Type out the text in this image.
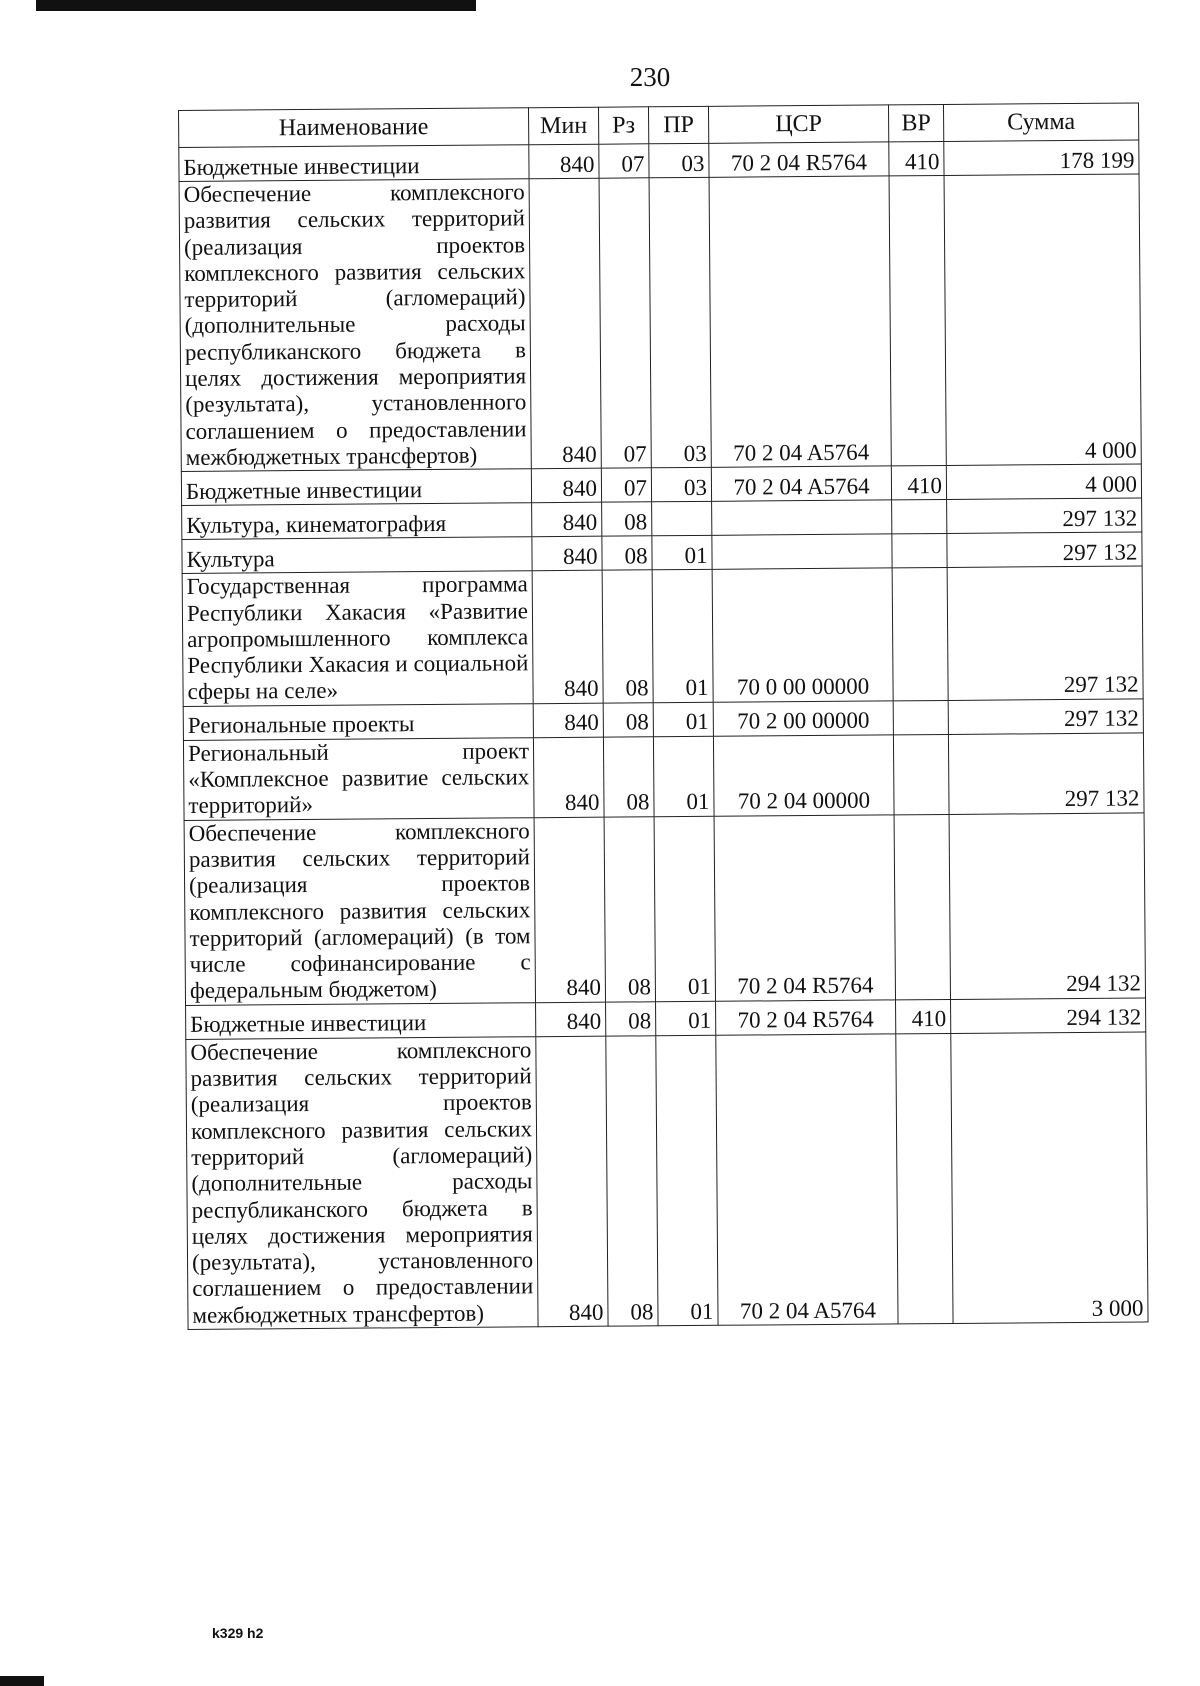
230
Наименование	Мин	Рз	ПР	ЦСР	ВР	Сумма
Бюджетные инвестиции	840	07	03	70 2 04 R5764	410	178 199
Обеспечение комплексного развития сельских территорий (реализация проектов комплексного развития сельских территорий (агломераций) (дополнительные расходы республиканского бюджета в целях достижения мероприятия (результата), установленного соглашением о предоставлении межбюджетных трансфертов)	840	07	03	70 2 04 A5764		4 000
Бюджетные инвестиции	840	07	03	70 2 04 A5764	410	4 000
Культура, кинематография	840	08				297 132
Культура	840	08	01			297 132
Государственная программа Республики Хакасия «Развитие агропромышленного комплекса Республики Хакасия и социальной сферы на селе»	840	08	01	70 0 00 00000		297 132
Региональные проекты	840	08	01	70 2 00 00000		297 132
Региональный проект «Комплексное развитие сельских территорий»	840	08	01	70 2 04 00000		297 132
Обеспечение комплексного развития сельских территорий (реализация проектов комплексного развития сельских территорий (агломераций) (в том числе софинансирование с федеральным бюджетом)	840	08	01	70 2 04 R5764		294 132
Бюджетные инвестиции	840	08	01	70 2 04 R5764	410	294 132
Обеспечение комплексного развития сельских территорий (реализация проектов комплексного развития сельских территорий (агломераций) (дополнительные расходы республиканского бюджета в целях достижения мероприятия (результата), установленного соглашением о предоставлении межбюджетных трансфертов)	840	08	01	70 2 04 A5764		3 000
k329 h2
